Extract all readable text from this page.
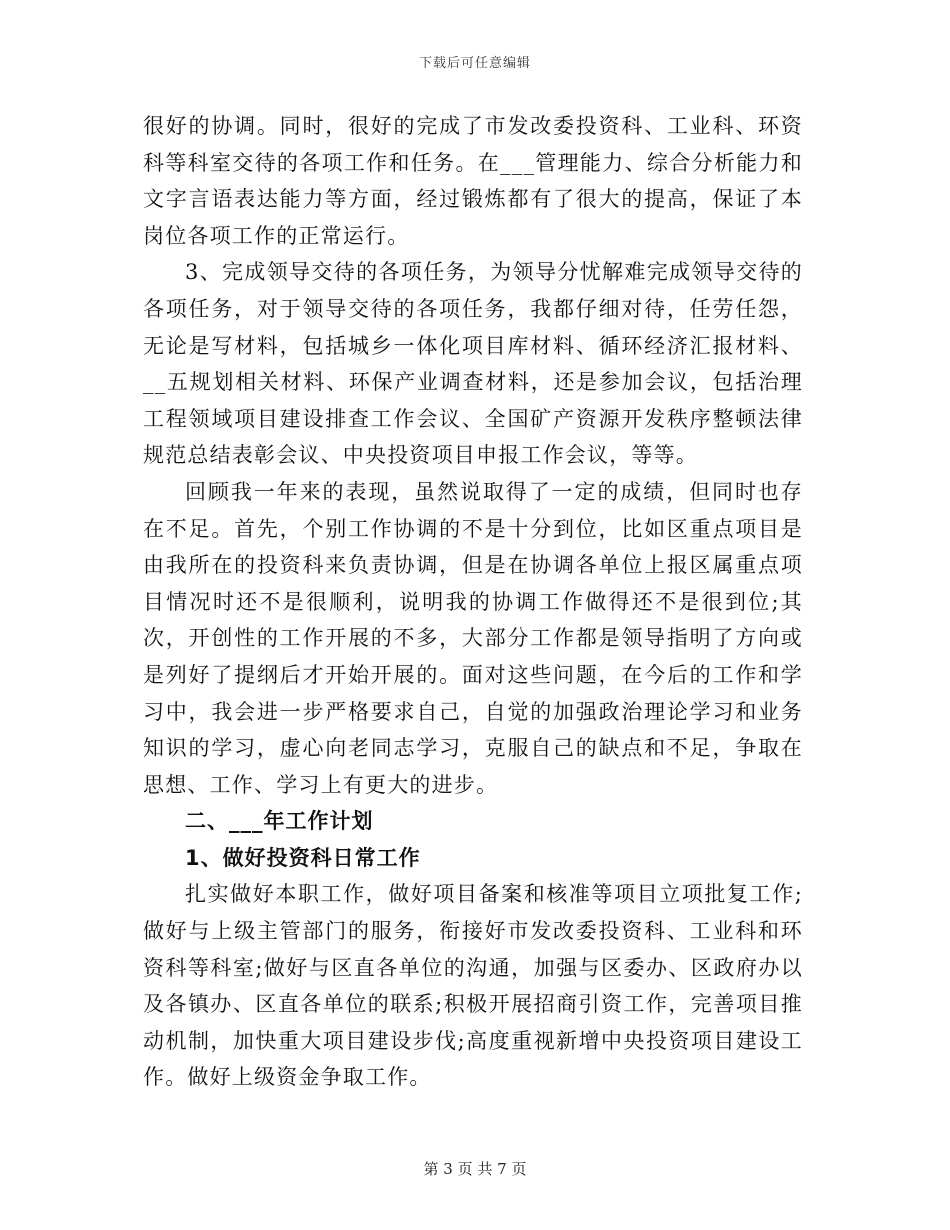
下载后可任意编辑

很好的协调。同时，很好的完成了市发改委投资科、工业科、环资科等科室交待的各项工作和任务。在___管理能力、综合分析能力和文字言语表达能力等方面，经过锻炼都有了很大的提高，保证了本岗位各项工作的正常运行。

3、完成领导交待的各项任务，为领导分忧解难完成领导交待的各项任务，对于领导交待的各项任务，我都仔细对待，任劳任怨，无论是写材料，包括城乡一体化项目库材料、循环经济汇报材料、__五规划相关材料、环保产业调查材料，还是参加会议，包括治理工程领域项目建设排查工作会议、全国矿产资源开发秩序整顿法律规范总结表彰会议、中央投资项目申报工作会议，等等。

回顾我一年来的表现，虽然说取得了一定的成绩，但同时也存在不足。首先，个别工作协调的不是十分到位，比如区重点项目是由我所在的投资科来负责协调，但是在协调各单位上报区属重点项目情况时还不是很顺利，说明我的协调工作做得还不是很到位;其次，开创性的工作开展的不多，大部分工作都是领导指明了方向或是列好了提纲后才开始开展的。面对这些问题，在今后的工作和学习中，我会进一步严格要求自己，自觉的加强政治理论学习和业务知识的学习，虚心向老同志学习，克服自己的缺点和不足，争取在思想、工作、学习上有更大的进步。

二、___年工作计划

1、做好投资科日常工作

扎实做好本职工作，做好项目备案和核准等项目立项批复工作;做好与上级主管部门的服务，衔接好市发改委投资科、工业科和环资科等科室;做好与区直各单位的沟通，加强与区委办、区政府办以及各镇办、区直各单位的联系;积极开展招商引资工作，完善项目推动机制，加快重大项目建设步伐;高度重视新增中央投资项目建设工作。做好上级资金争取工作。

第 3 页 共 7 页
